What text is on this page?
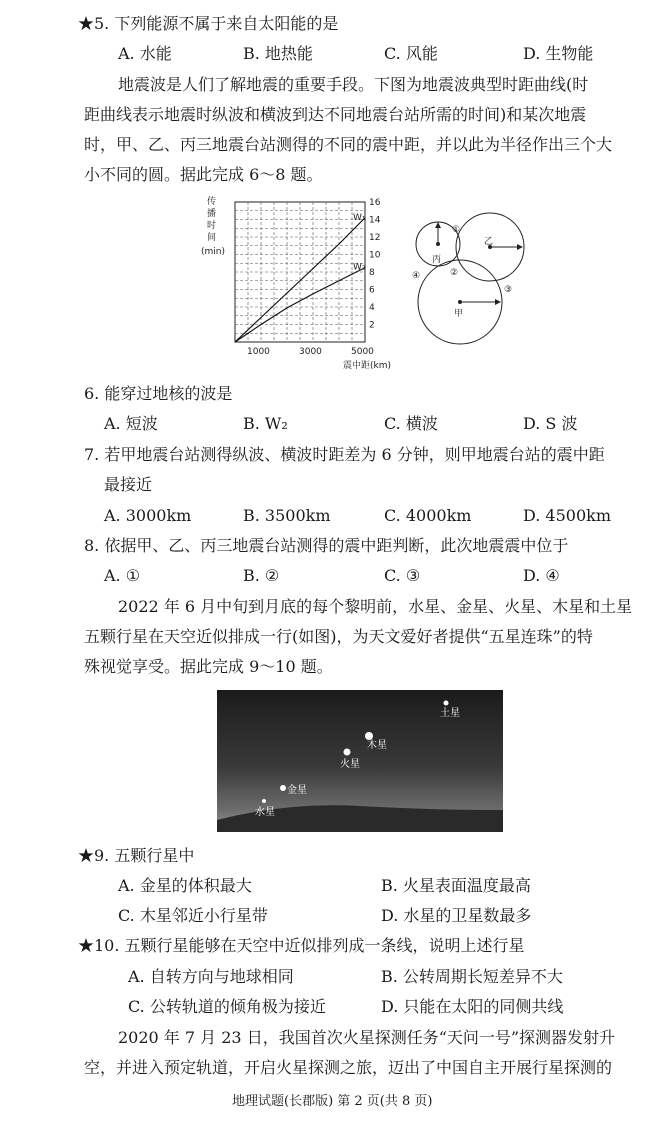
★5. 下列能源不属于来自太阳能的是
A. 水能	B. 地热能	C. 风能	D. 生物能
地震波是人们了解地震的重要手段。下图为地震波典型时距曲线(时
距曲线表示地震时纵波和横波到达不同地震台站所需的时间)和某次地震
时，甲、乙、丙三地震台站测得的不同的震中距，并以此为半径作出三个大
小不同的圆。据此完成 6～8 题。
传
播
时
间
(min)
W₁
W₂
2
4
6
8
10
12
14
16
1000	3000	5000
震中距(km)
丙
乙
甲
①
②
③
④
6. 能穿过地核的波是
A. 短波	B. W₂	C. 横波	D. S 波
7. 若甲地震台站测得纵波、横波时距差为 6 分钟，则甲地震台站的震中距
最接近
A. 3000km	B. 3500km	C. 4000km	D. 4500km
8. 依据甲、乙、丙三地震台站测得的震中距判断，此次地震震中位于
A. ①	B. ②	C. ③	D. ④
2022 年 6 月中旬到月底的每个黎明前，水星、金星、火星、木星和土星
五颗行星在天空近似排成一行(如图)，为天文爱好者提供“五星连珠”的特
殊视觉享受。据此完成 9～10 题。
土星
木星
火星
金星
水星
★9. 五颗行星中
A. 金星的体积最大	B. 火星表面温度最高
C. 木星邻近小行星带	D. 水星的卫星数最多
★10. 五颗行星能够在天空中近似排列成一条线，说明上述行星
A. 自转方向与地球相同	B. 公转周期长短差异不大
C. 公转轨道的倾角极为接近	D. 只能在太阳的同侧共线
2020 年 7 月 23 日，我国首次火星探测任务“天问一号”探测器发射升
空，并进入预定轨道，开启火星探测之旅，迈出了中国自主开展行星探测的
地理试题(长郡版) 第 2 页(共 8 页)
